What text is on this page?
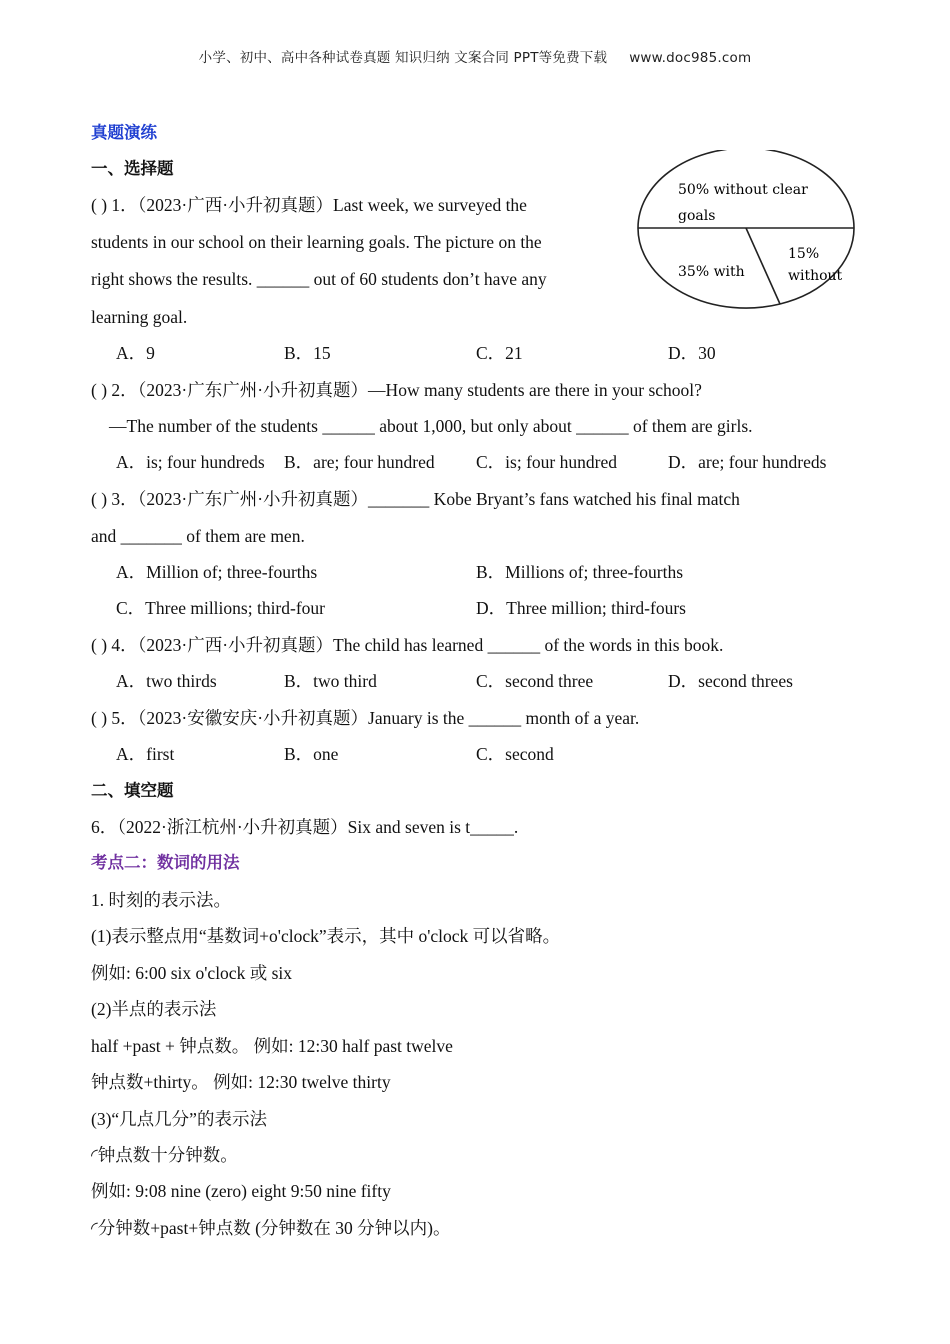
小学、初中、高中各种试卷真题 知识归纳 文案合同 PPT等免费下载 www.doc985.com
真题演练
一、选择题
( ) 1．（2023·广西·小升初真题）Last week, we surveyed the
students in our school on their learning goals. The picture on the
right shows the results. ______ out of 60 students don’t have any
learning goal.
A．9	B．15	C．21	D．30
50% without clear
goals
35% with
15%
without
( ) 2．（2023·广东广州·小升初真题）—How many students are there in your school?
—The number of the students ______ about 1,000, but only about ______ of them are girls.
A．is; four hundreds B．are; four hundred C．is; four hundred	D．are; four hundreds
( ) 3．（2023·广东广州·小升初真题）_______ Kobe Bryant’s fans watched his final match
and _______ of them are men.
A．Million of; three-fourths	B．Millions of; three-fourths
C．Three millions; third-four	D．Three million; third-fours
( ) 4．（2023·广西·小升初真题）The child has learned ______ of the words in this book.
A．two thirds	B．two third	C．second three	D．second threes
( ) 5．（2023·安徽安庆·小升初真题）January is the ______ month of a year.
A．first	B．one	C．second
二、填空题
6．（2022·浙江杭州·小升初真题）Six and seven is t_____.
考点二：数词的用法
1. 时刻的表示法。
(1)表示整点用“基数词+o'clock”表示，其中 o'clock 可以省略。
例如: 6:00 six o'clock 或 six
(2)半点的表示法
half +past + 钟点数。 例如: 12:30 half past twelve
钟点数+thirty。 例如: 12:30 twelve thirty
(3)“几点几分”的表示法
◜钟点数十分钟数。
例如: 9:08 nine (zero) eight 9:50 nine fifty
◜分钟数+past+钟点数 (分钟数在 30 分钟以内)。
